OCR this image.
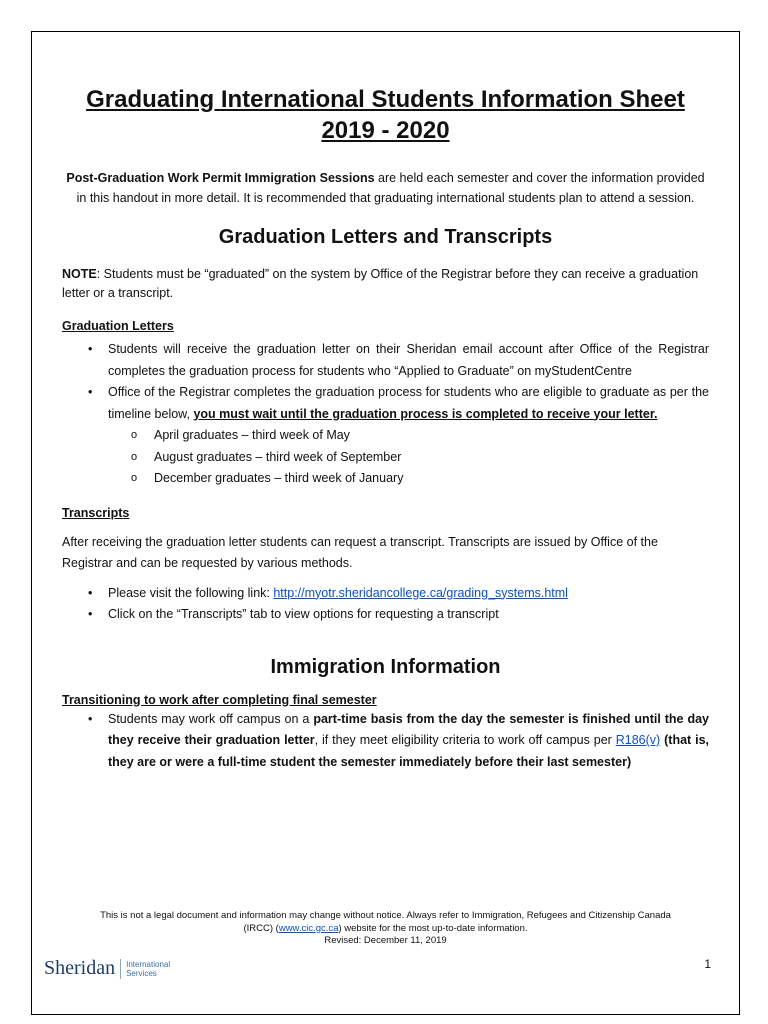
Graduating International Students Information Sheet
2019 - 2020

Post-Graduation Work Permit Immigration Sessions are held each semester and cover the information provided in this handout in more detail. It is recommended that graduating international students plan to attend a session.

Graduation Letters and Transcripts

NOTE: Students must be “graduated” on the system by Office of the Registrar before they can receive a graduation letter or a transcript.

Graduation Letters

• Students will receive the graduation letter on their Sheridan email account after Office of the Registrar completes the graduation process for students who “Applied to Graduate” on myStudentCentre
• Office of the Registrar completes the graduation process for students who are eligible to graduate as per the timeline below, you must wait until the graduation process is completed to receive your letter.
o April graduates – third week of May
o August graduates – third week of September
o December graduates – third week of January

Transcripts

After receiving the graduation letter students can request a transcript. Transcripts are issued by Office of the Registrar and can be requested by various methods.

• Please visit the following link: http://myotr.sheridancollege.ca/grading_systems.html
• Click on the “Transcripts” tab to view options for requesting a transcript

Immigration Information

Transitioning to work after completing final semester

• Students may work off campus on a part-time basis from the day the semester is finished until the day they receive their graduation letter, if they meet eligibility criteria to work off campus per R186(v) (that is, they are or were a full-time student the semester immediately before their last semester)
This is not a legal document and information may change without notice. Always refer to Immigration, Refugees and Citizenship Canada
(IRCC) (www.cic.gc.ca) website for the most up-to-date information.
Revised: December 11, 2019
1
Sheridan International
Services
